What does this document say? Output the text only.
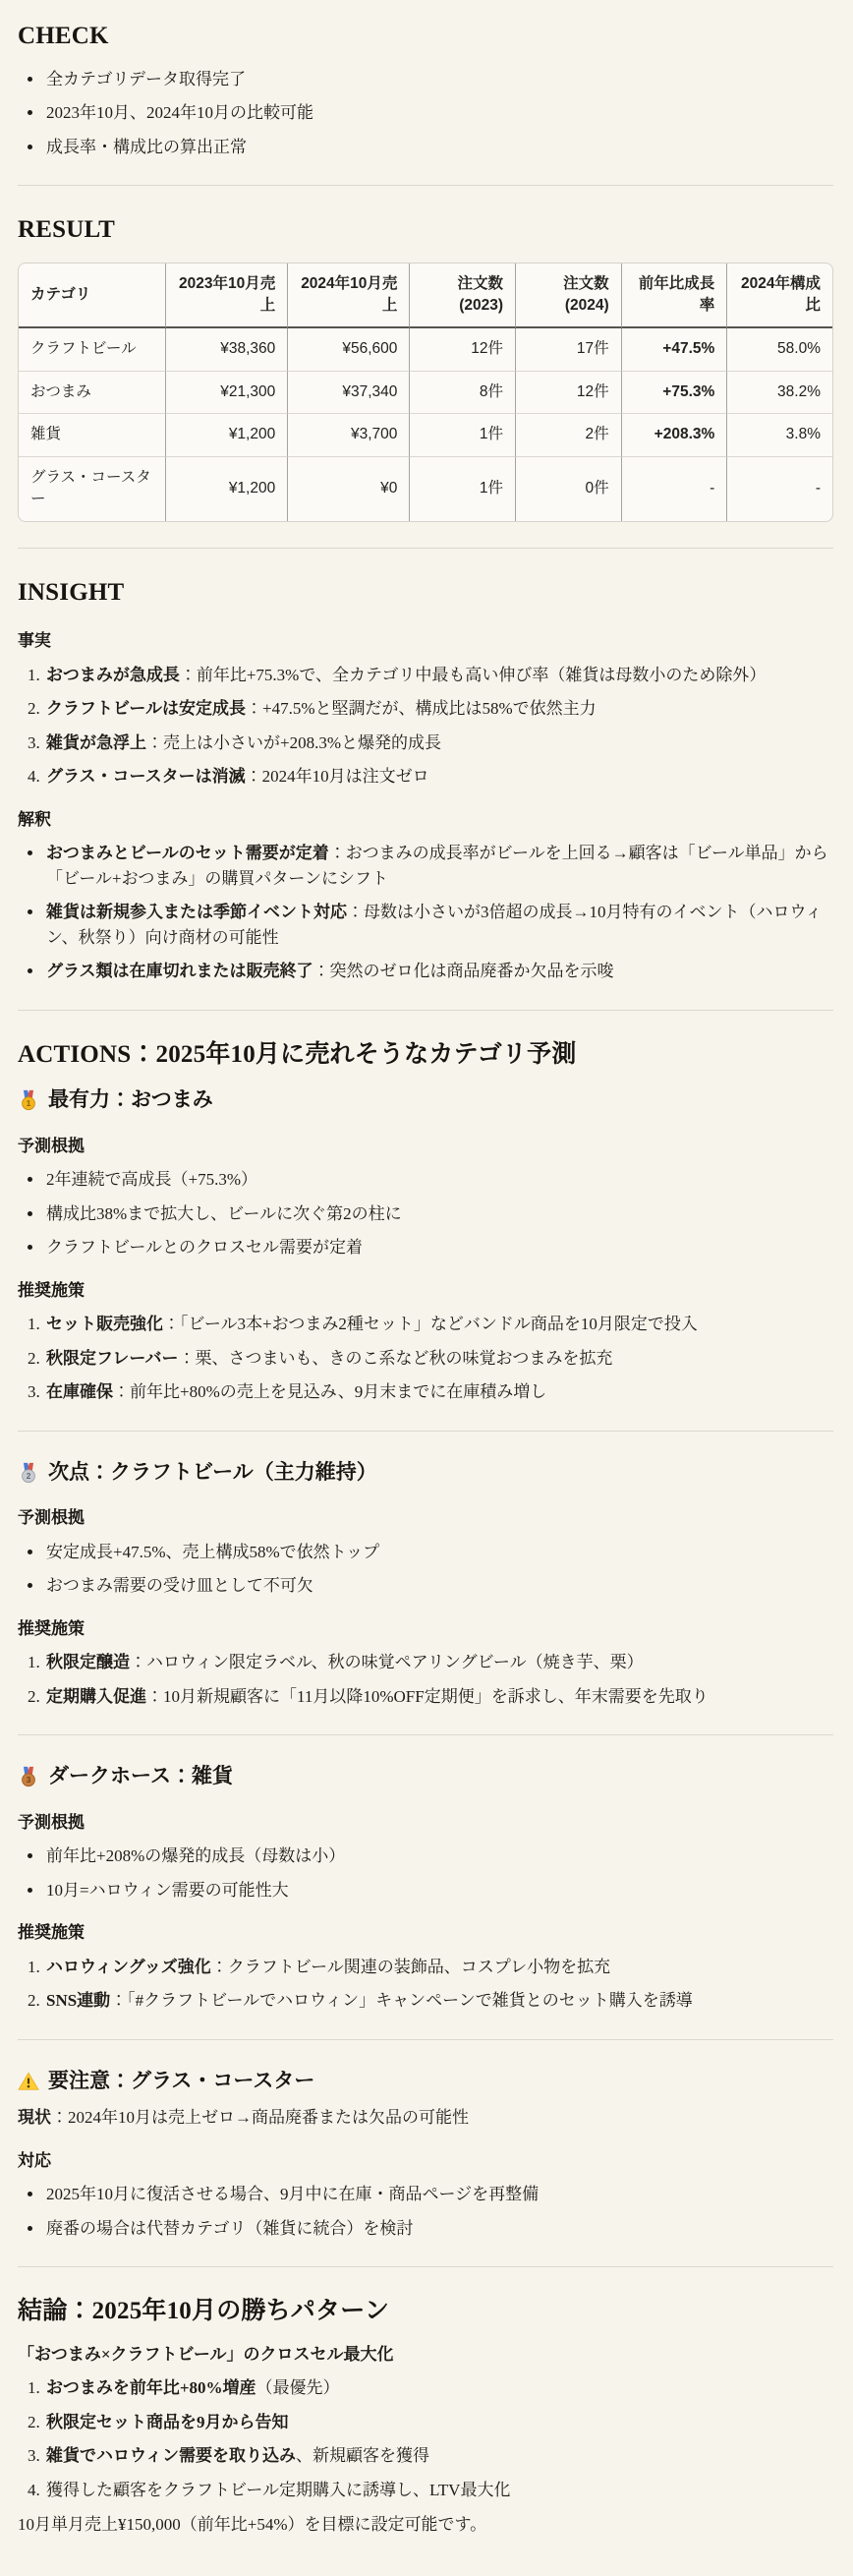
CHECK
• 全カテゴリデータ取得完了
• 2023年10月、2024年10月の比較可能
• 成長率・構成比の算出正常
RESULT
カテゴリ	2023年10月売上	2024年10月売上	注文数(2023)	注文数(2024)	前年比成長率	2024年構成比
クラフトビール	¥38,360	¥56,600	12件	17件	+47.5%	58.0%
おつまみ	¥21,300	¥37,340	8件	12件	+75.3%	38.2%
雑貨	¥1,200	¥3,700	1件	2件	+208.3%	3.8%
グラス・コースター	¥1,200	¥0	1件	0件	-	-
INSIGHT
事実
1. おつまみが急成長：前年比+75.3%で、全カテゴリ中最も高い伸び率（雑貨は母数小のため除外）
2. クラフトビールは安定成長：+47.5%と堅調だが、構成比は58%で依然主力
3. 雑貨が急浮上：売上は小さいが+208.3%と爆発的成長
4. グラス・コースターは消滅：2024年10月は注文ゼロ
解釈
• おつまみとビールのセット需要が定着：おつまみの成長率がビールを上回る→顧客は「ビール単品」から「ビール+おつまみ」の購買パターンにシフト
• 雑貨は新規参入または季節イベント対応：母数は小さいが3倍超の成長→10月特有のイベント（ハロウィン、秋祭り）向け商材の可能性
• グラス類は在庫切れまたは販売終了：突然のゼロ化は商品廃番か欠品を示唆
ACTIONS：2025年10月に売れそうなカテゴリ予測
1 最有力：おつまみ
予測根拠
• 2年連続で高成長（+75.3%）
• 構成比38%まで拡大し、ビールに次ぐ第2の柱に
• クラフトビールとのクロスセル需要が定着
推奨施策
1. セット販売強化：「ビール3本+おつまみ2種セット」などバンドル商品を10月限定で投入
2. 秋限定フレーバー：栗、さつまいも、きのこ系など秋の味覚おつまみを拡充
3. 在庫確保：前年比+80%の売上を見込み、9月末までに在庫積み増し
2 次点：クラフトビール（主力維持）
予測根拠
• 安定成長+47.5%、売上構成58%で依然トップ
• おつまみ需要の受け皿として不可欠
推奨施策
1. 秋限定醸造：ハロウィン限定ラベル、秋の味覚ペアリングビール（焼き芋、栗）
2. 定期購入促進：10月新規顧客に「11月以降10%OFF定期便」を訴求し、年末需要を先取り
3 ダークホース：雑貨
予測根拠
• 前年比+208%の爆発的成長（母数は小）
• 10月=ハロウィン需要の可能性大
推奨施策
1. ハロウィングッズ強化：クラフトビール関連の装飾品、コスプレ小物を拡充
2. SNS連動：「#クラフトビールでハロウィン」キャンペーンで雑貨とのセット購入を誘導
要注意：グラス・コースター

現状：2024年10月は売上ゼロ→商品廃番または欠品の可能性

対応
• 2025年10月に復活させる場合、9月中に在庫・商品ページを再整備
• 廃番の場合は代替カテゴリ（雑貨に統合）を検討
結論：2025年10月の勝ちパターン

「おつまみ×クラフトビール」のクロスセル最大化

1. おつまみを前年比+80%増産（最優先）
2. 秋限定セット商品を9月から告知
3. 雑貨でハロウィン需要を取り込み、新規顧客を獲得
4. 獲得した顧客をクラフトビール定期購入に誘導し、LTV最大化

10月単月売上¥150,000（前年比+54%）を目標に設定可能です。
